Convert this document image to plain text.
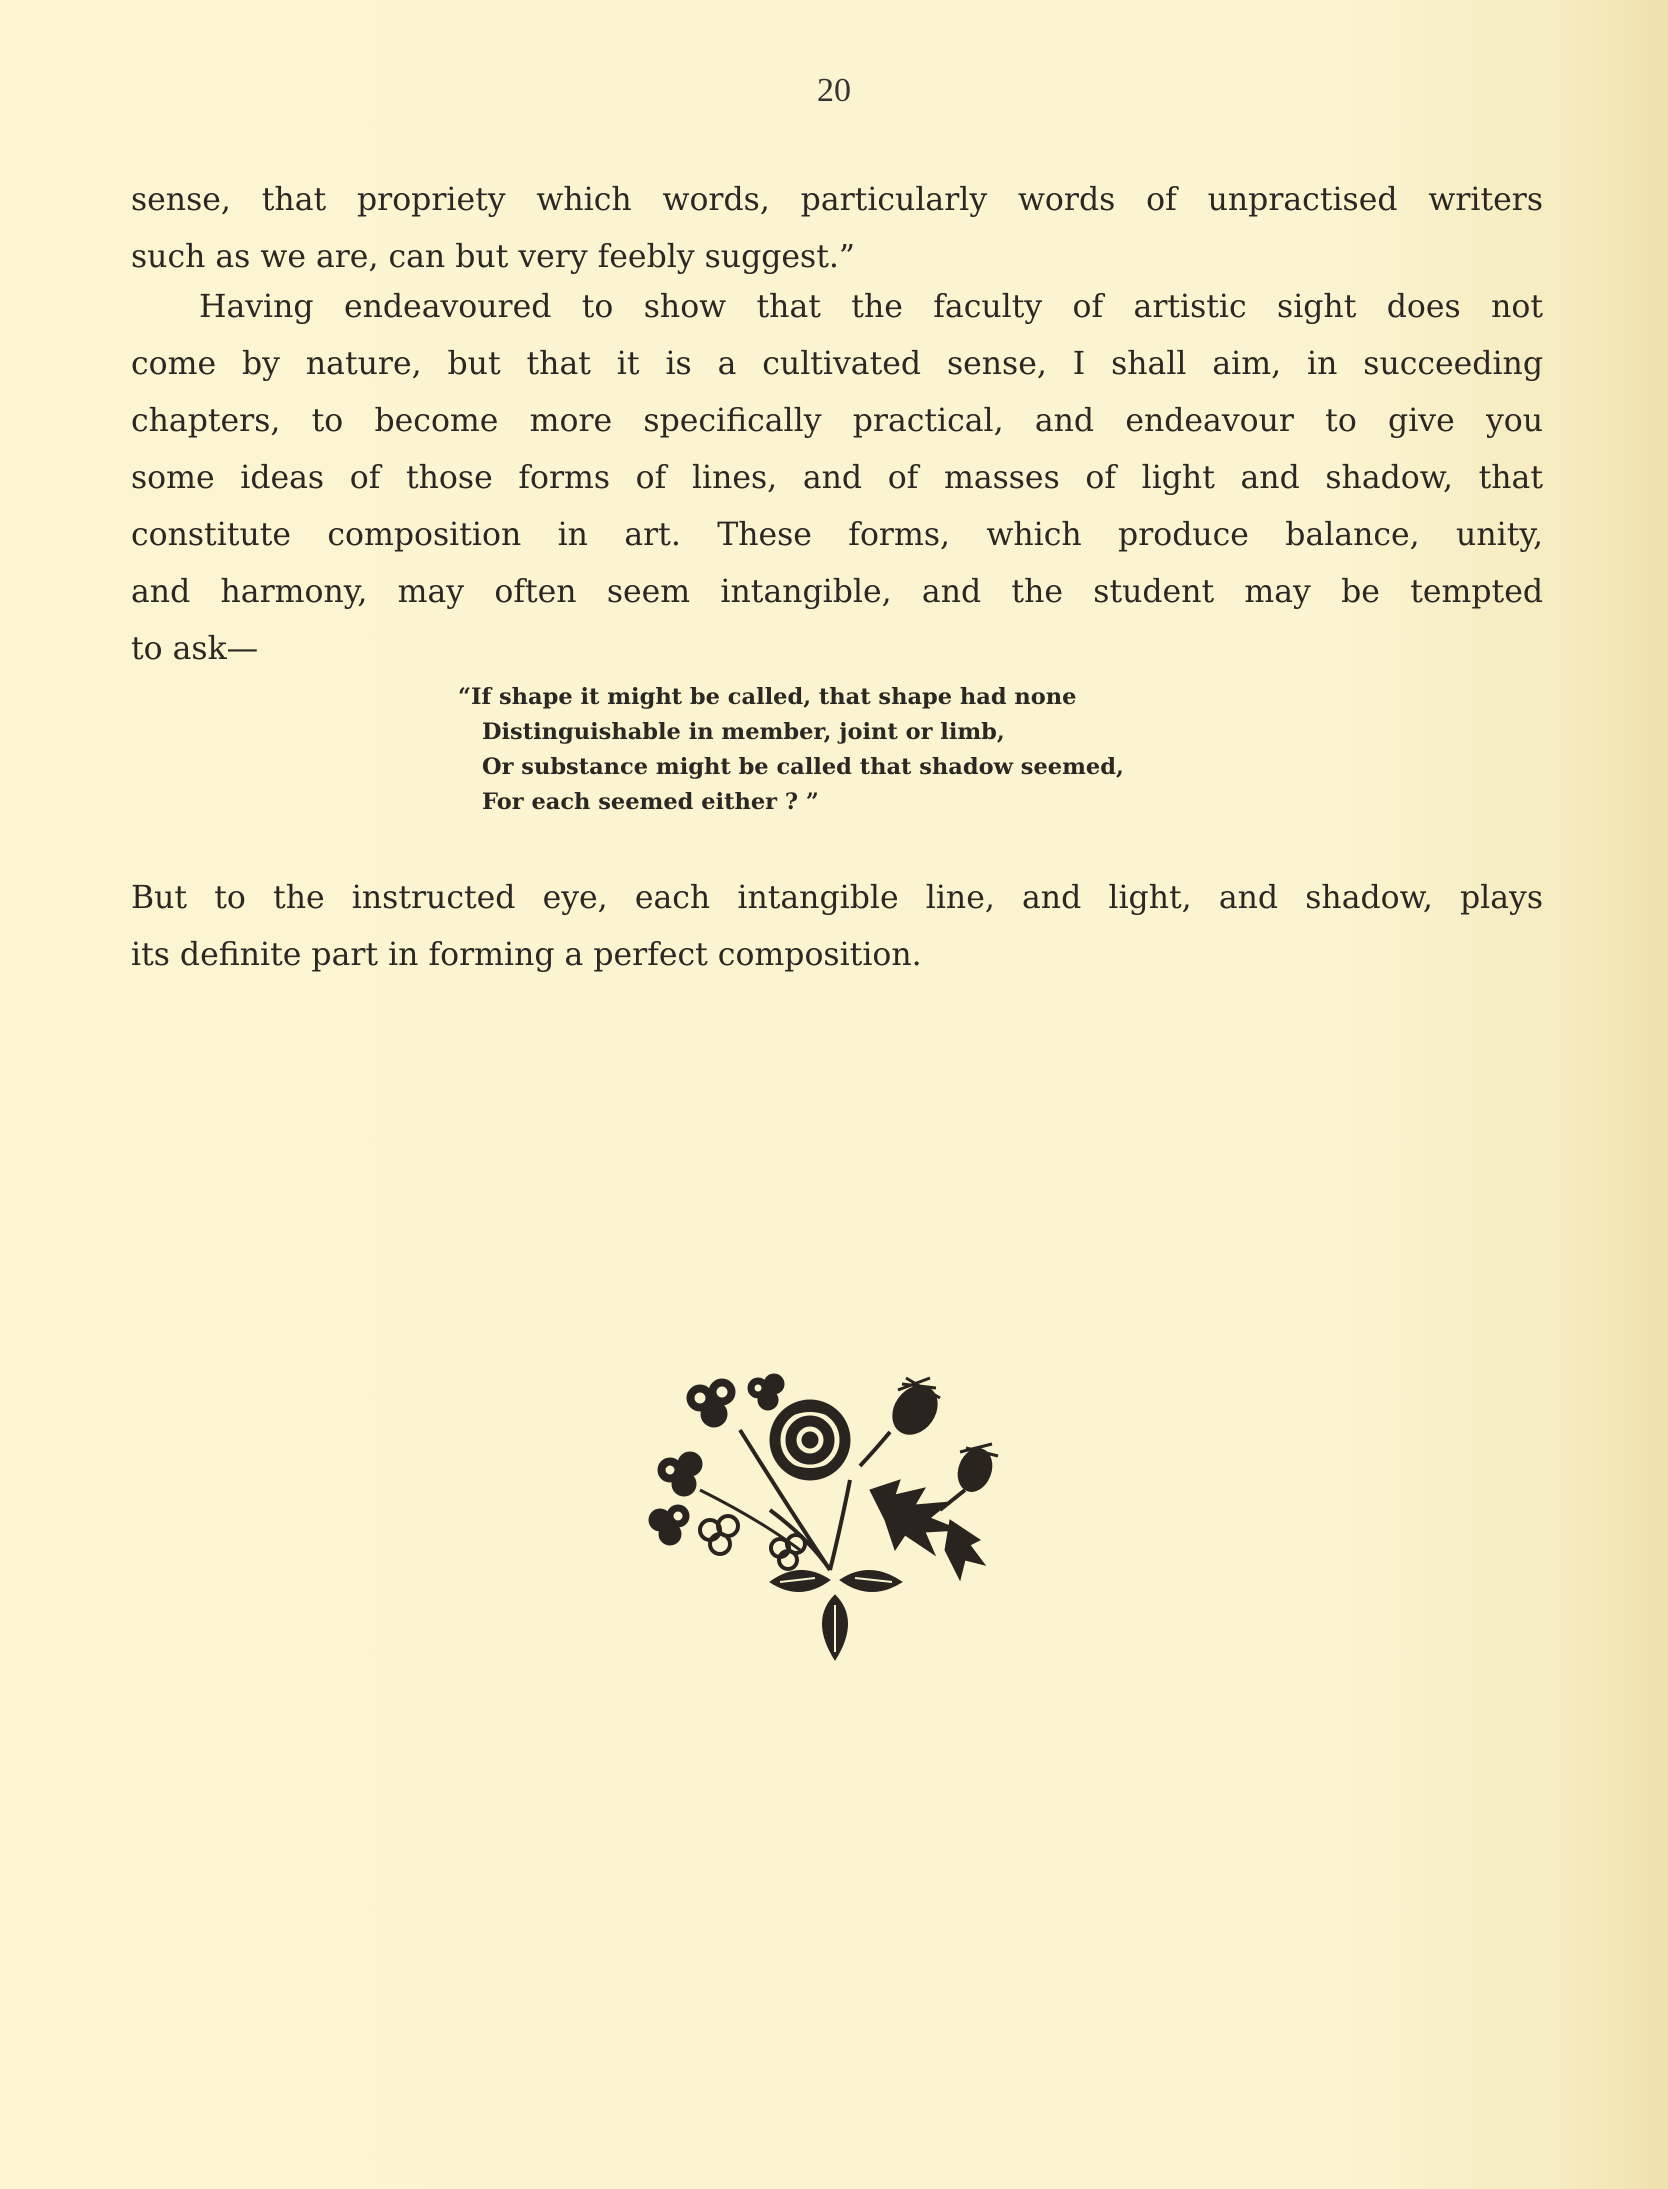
20
sense, that propriety which words, particularly words of unpractised writers
such as we are, can but very feebly suggest.”
Having endeavoured to show that the faculty of artistic sight does not
come by nature, but that it is a cultivated sense, I shall aim, in succeeding
chapters, to become more specifically practical, and endeavour to give you
some ideas of those forms of lines, and of masses of light and shadow, that
constitute composition in art. These forms, which produce balance, unity,
and harmony, may often seem intangible, and the student may be tempted
to ask—
“If shape it might be called, that shape had none
Distinguishable in member, joint or limb,
Or substance might be called that shadow seemed,
For each seemed either ? ”
But to the instructed eye, each intangible line, and light, and shadow, plays
its definite part in forming a perfect composition.
